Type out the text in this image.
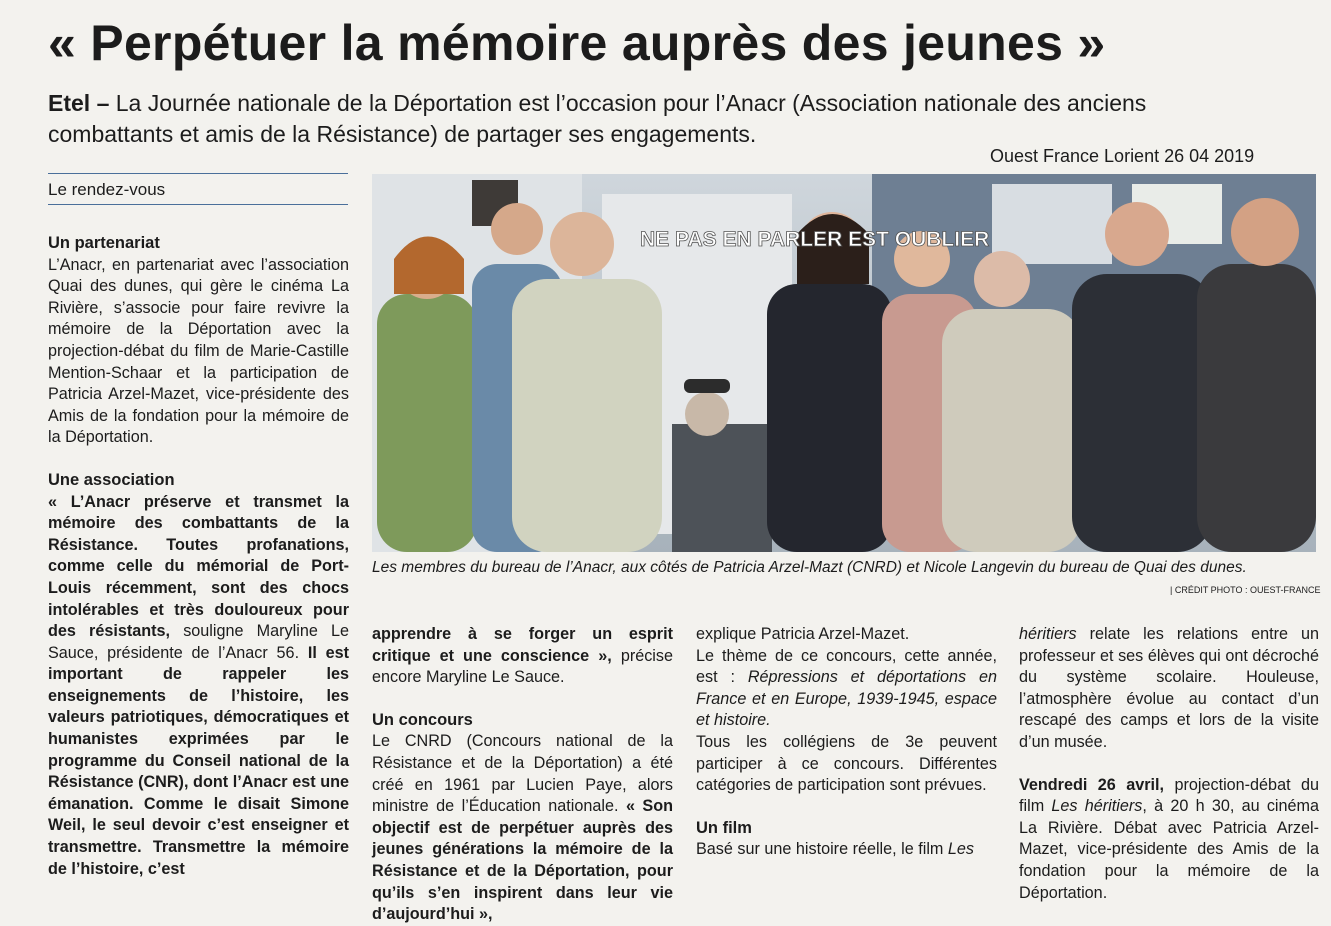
« Perpétuer la mémoire auprès des jeunes »
Etel – La Journée nationale de la Déportation est l’occasion pour l’Anacr (Association nationale des anciens combattants et amis de la Résistance) de partager ses engagements.
Ouest France Lorient 26 04 2019
Le rendez-vous
Un partenariat

L’Anacr, en partenariat avec l’association Quai des dunes, qui gère le cinéma La Rivière, s’associe pour faire revivre la mémoire de la Déportation avec la projection-débat du film de Marie-Castille Mention-Schaar et la participation de Patricia Arzel-Mazet, vice-présidente des Amis de la fondation pour la mémoire de la Déportation.

Une association

« L’Anacr préserve et transmet la mémoire des combattants de la Résistance. Toutes profanations, comme celle du mémorial de Port-Louis récemment, sont des chocs intolérables et très douloureux pour des résistants, souligne Maryline Le Sauce, présidente de l’Anacr 56. Il est important de rappeler les enseignements de l’histoire, les valeurs patriotiques, démocratiques et humanistes exprimées par le programme du Conseil national de la Résistance (CNR), dont l’Anacr est une émanation. Comme le disait Simone Weil, le seul devoir c’est enseigner et transmettre. Transmettre la mémoire de l’histoire, c’est

NE PAS EN PARLER EST OUBLIER
Les membres du bureau de l’Anacr, aux côtés de Patricia Arzel-Mazt (CNRD) et Nicole Langevin du bureau de Quai des dunes.
| CRÉDIT PHOTO : OUEST-FRANCE

apprendre à se forger un esprit critique et une conscience », précise encore Maryline Le Sauce.

Un concours

Le CNRD (Concours national de la Résistance et de la Déportation) a été créé en 1961 par Lucien Paye, alors ministre de l’Éducation nationale. « Son objectif est de perpétuer auprès des jeunes générations la mémoire de la Résistance et de la Déportation, pour qu’ils s’en inspirent dans leur vie d’aujourd’hui »,

explique Patricia Arzel-Mazet.

Le thème de ce concours, cette année, est : Répressions et déportations en France et en Europe, 1939-1945, espace et histoire.

Tous les collégiens de 3e peuvent participer à ce concours. Différentes catégories de participation sont prévues.

Un film

Basé sur une histoire réelle, le film Les

héritiers relate les relations entre un professeur et ses élèves qui ont décroché du système scolaire. Houleuse, l’atmosphère évolue au contact d’un rescapé des camps et lors de la visite d’un musée.

Vendredi 26 avril, projection-débat du film Les héritiers, à 20 h 30, au cinéma La Rivière. Débat avec Patricia Arzel-Mazet, vice-présidente des Amis de la fondation pour la mémoire de la Déportation.
